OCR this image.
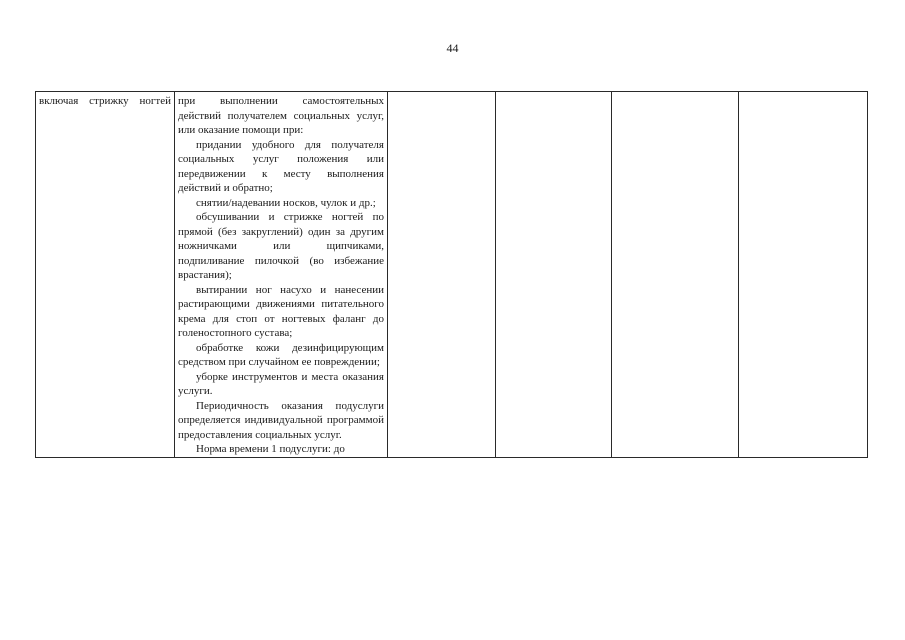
44
включая стрижку ногтей	при выполнении самостоятельных действий получателем социальных услуг, или оказание помощи при:

придании удобного для получателя социальных услуг положения или передвижении к месту выполнения действий и обратно;

снятии/надевании носков, чулок и др.;

обсушивании и стрижке ногтей по прямой (без закруглений) один за другим ножничками или щипчиками, подпиливание пилочкой (во избежание врастания);

вытирании ног насухо и нанесении растирающими движениями питательного крема для стоп от ногтевых фаланг до голеностопного сустава;

обработке кожи дезинфицирующим средством при случайном ее повреждении;

уборке инструментов и места оказания услуги.

Периодичность оказания подуслуги определяется индивидуальной программой предоставления социальных услуг.

Норма времени 1 подуслуги: до
